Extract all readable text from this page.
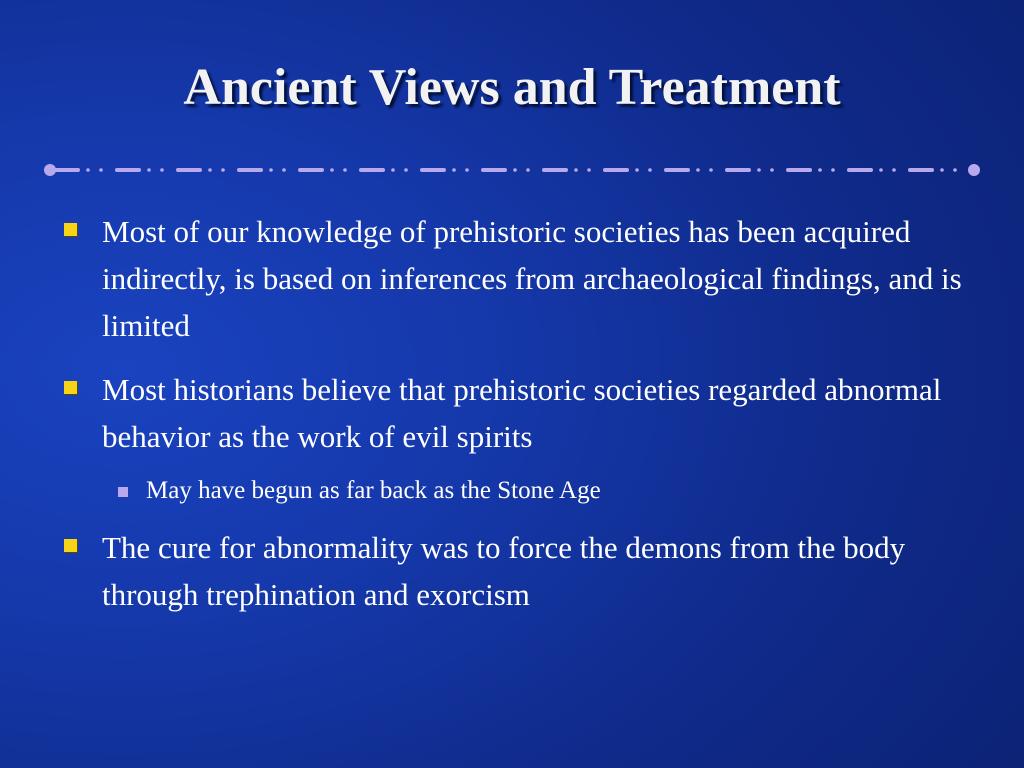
Ancient Views and Treatment
Most of our knowledge of prehistoric societies has been acquired indirectly, is based on inferences from archaeological findings, and is limited
Most historians believe that prehistoric societies regarded abnormal behavior as the work of evil spirits
May have begun as far back as the Stone Age
The cure for abnormality was to force the demons from the body through trephination and exorcism
